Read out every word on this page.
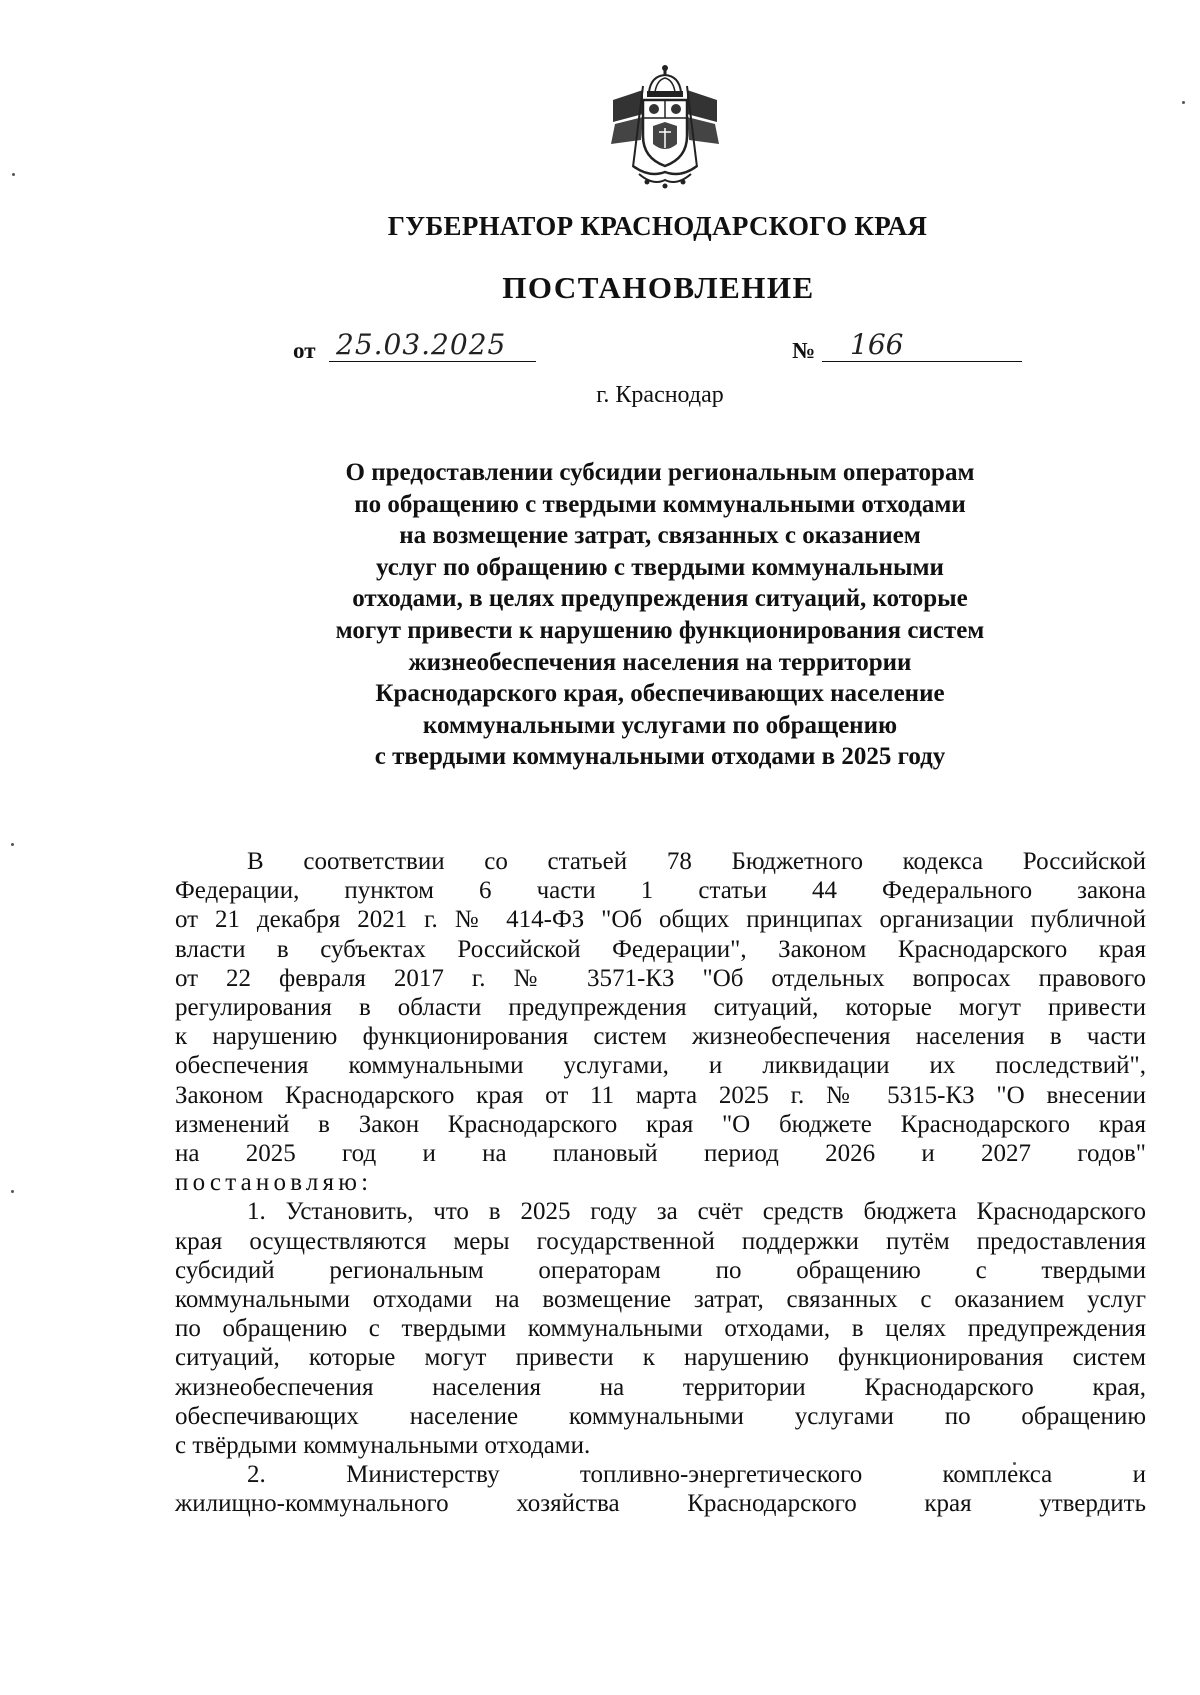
ГУБЕРНАТОР КРАСНОДАРСКОГО КРАЯ
ПОСТАНОВЛЕНИЕ
от 25.03.2025	№ 166
г. Краснодар
О предоставлении субсидии региональным операторам
по обращению с твердыми коммунальными отходами
на возмещение затрат, связанных с оказанием
услуг по обращению с твердыми коммунальными
отходами, в целях предупреждения ситуаций, которые
могут привести к нарушению функционирования систем
жизнеобеспечения населения на территории
Краснодарского края, обеспечивающих население
коммунальными услугами по обращению
с твердыми коммунальными отходами в 2025 году
В соответствии со статьей 78 Бюджетного кодекса Российской
Федерации, пунктом 6 части 1 статьи 44 Федерального закона
от 21 декабря 2021 г. № 414-ФЗ "Об общих принципах организации публичной
власти в субъектах Российской Федерации", Законом Краснодарского края
от 22 февраля 2017 г. № 3571-КЗ "Об отдельных вопросах правового
регулирования в области предупреждения ситуаций, которые могут привести
к нарушению функционирования систем жизнеобеспечения населения в части
обеспечения коммунальными услугами, и ликвидации их последствий",
Законом Краснодарского края от 11 марта 2025 г. № 5315-КЗ "О внесении
изменений в Закон Краснодарского края "О бюджете Краснодарского края
на 2025 год и на плановый период 2026 и 2027 годов"
постановляю:
1. Установить, что в 2025 году за счёт средств бюджета Краснодарского
края осуществляются меры государственной поддержки путём предоставления
субсидий региональным операторам по обращению с твердыми
коммунальными отходами на возмещение затрат, связанных с оказанием услуг
по обращению с твердыми коммунальными отходами, в целях предупреждения
ситуаций, которые могут привести к нарушению функционирования систем
жизнеобеспечения населения на территории Краснодарского края,
обеспечивающих население коммунальными услугами по обращению
с твёрдыми коммунальными отходами.
2. Министерству топливно-энергетического комплекса и
жилищно-коммунального хозяйства Краснодарского края утвердить
